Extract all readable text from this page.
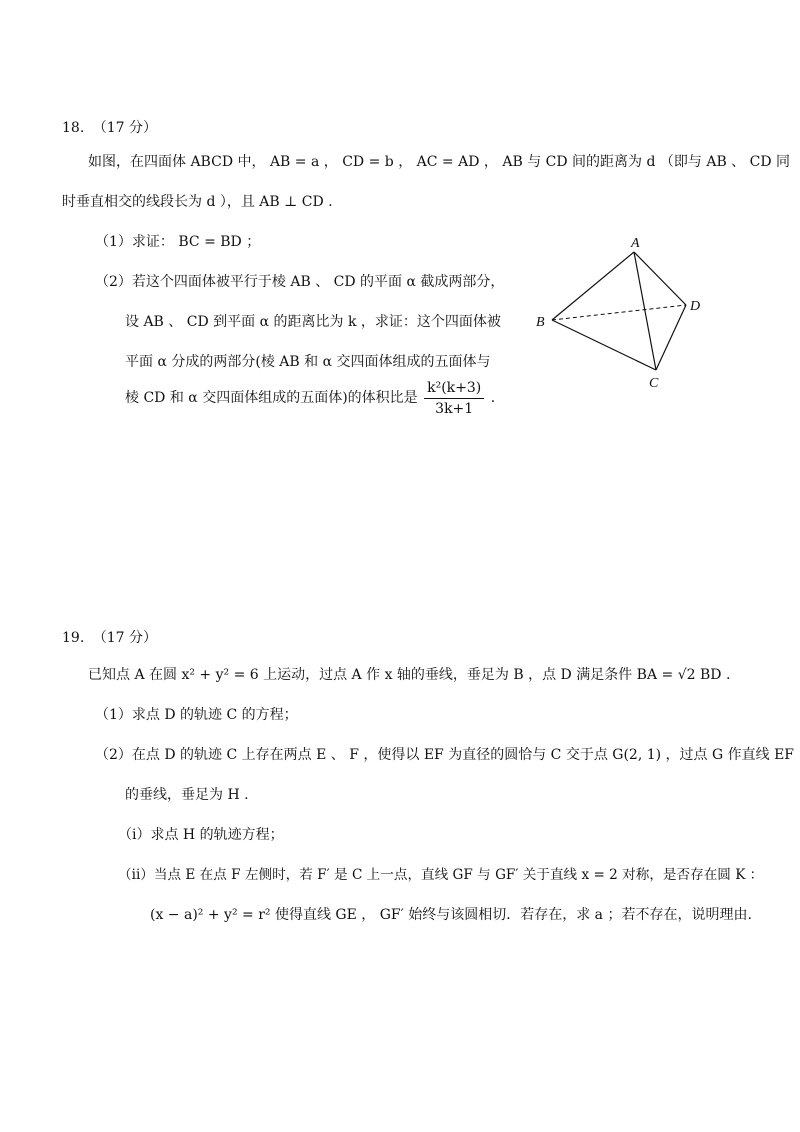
18. （17 分）
如图，在四面体 ABCD 中， AB = a ， CD = b ， AC = AD ， AB 与 CD 间的距离为 d （即与 AB 、 CD 同
时垂直相交的线段长为 d ），且 AB ⊥ CD .
（1）求证： BC = BD ；
（2）若这个四面体被平行于棱 AB 、 CD 的平面 α 截成两部分，
设 AB 、 CD 到平面 α 的距离比为 k ，求证：这个四面体被
平面 α 分成的两部分(棱 AB 和 α 交四面体组成的五面体与
棱 CD 和 α 交四面体组成的五面体)的体积比是 $\frac{\text{k²(k+3)}}{3k+1}$ .
A
B
C
D
19. （17 分）
已知点 A 在圆 x² + y² = 6 上运动，过点 A 作 x 轴的垂线，垂足为 B ，点 D 满足条件 BA = √2 BD .
（1）求点 D 的轨迹 C 的方程；
（2）在点 D 的轨迹 C 上存在两点 E 、 F ，使得以 EF 为直径的圆恰与 C 交于点 G(2, 1) ，过点 G 作直线 EF
的垂线，垂足为 H .
（i）求点 H 的轨迹方程；
（ii）当点 E 在点 F 左侧时，若 F′ 是 C 上一点，直线 GF 与 GF′ 关于直线 x = 2 对称，是否存在圆 K ：
(x − a)² + y² = r² 使得直线 GE ， GF′ 始终与该圆相切．若存在，求 a ；若不存在，说明理由.
